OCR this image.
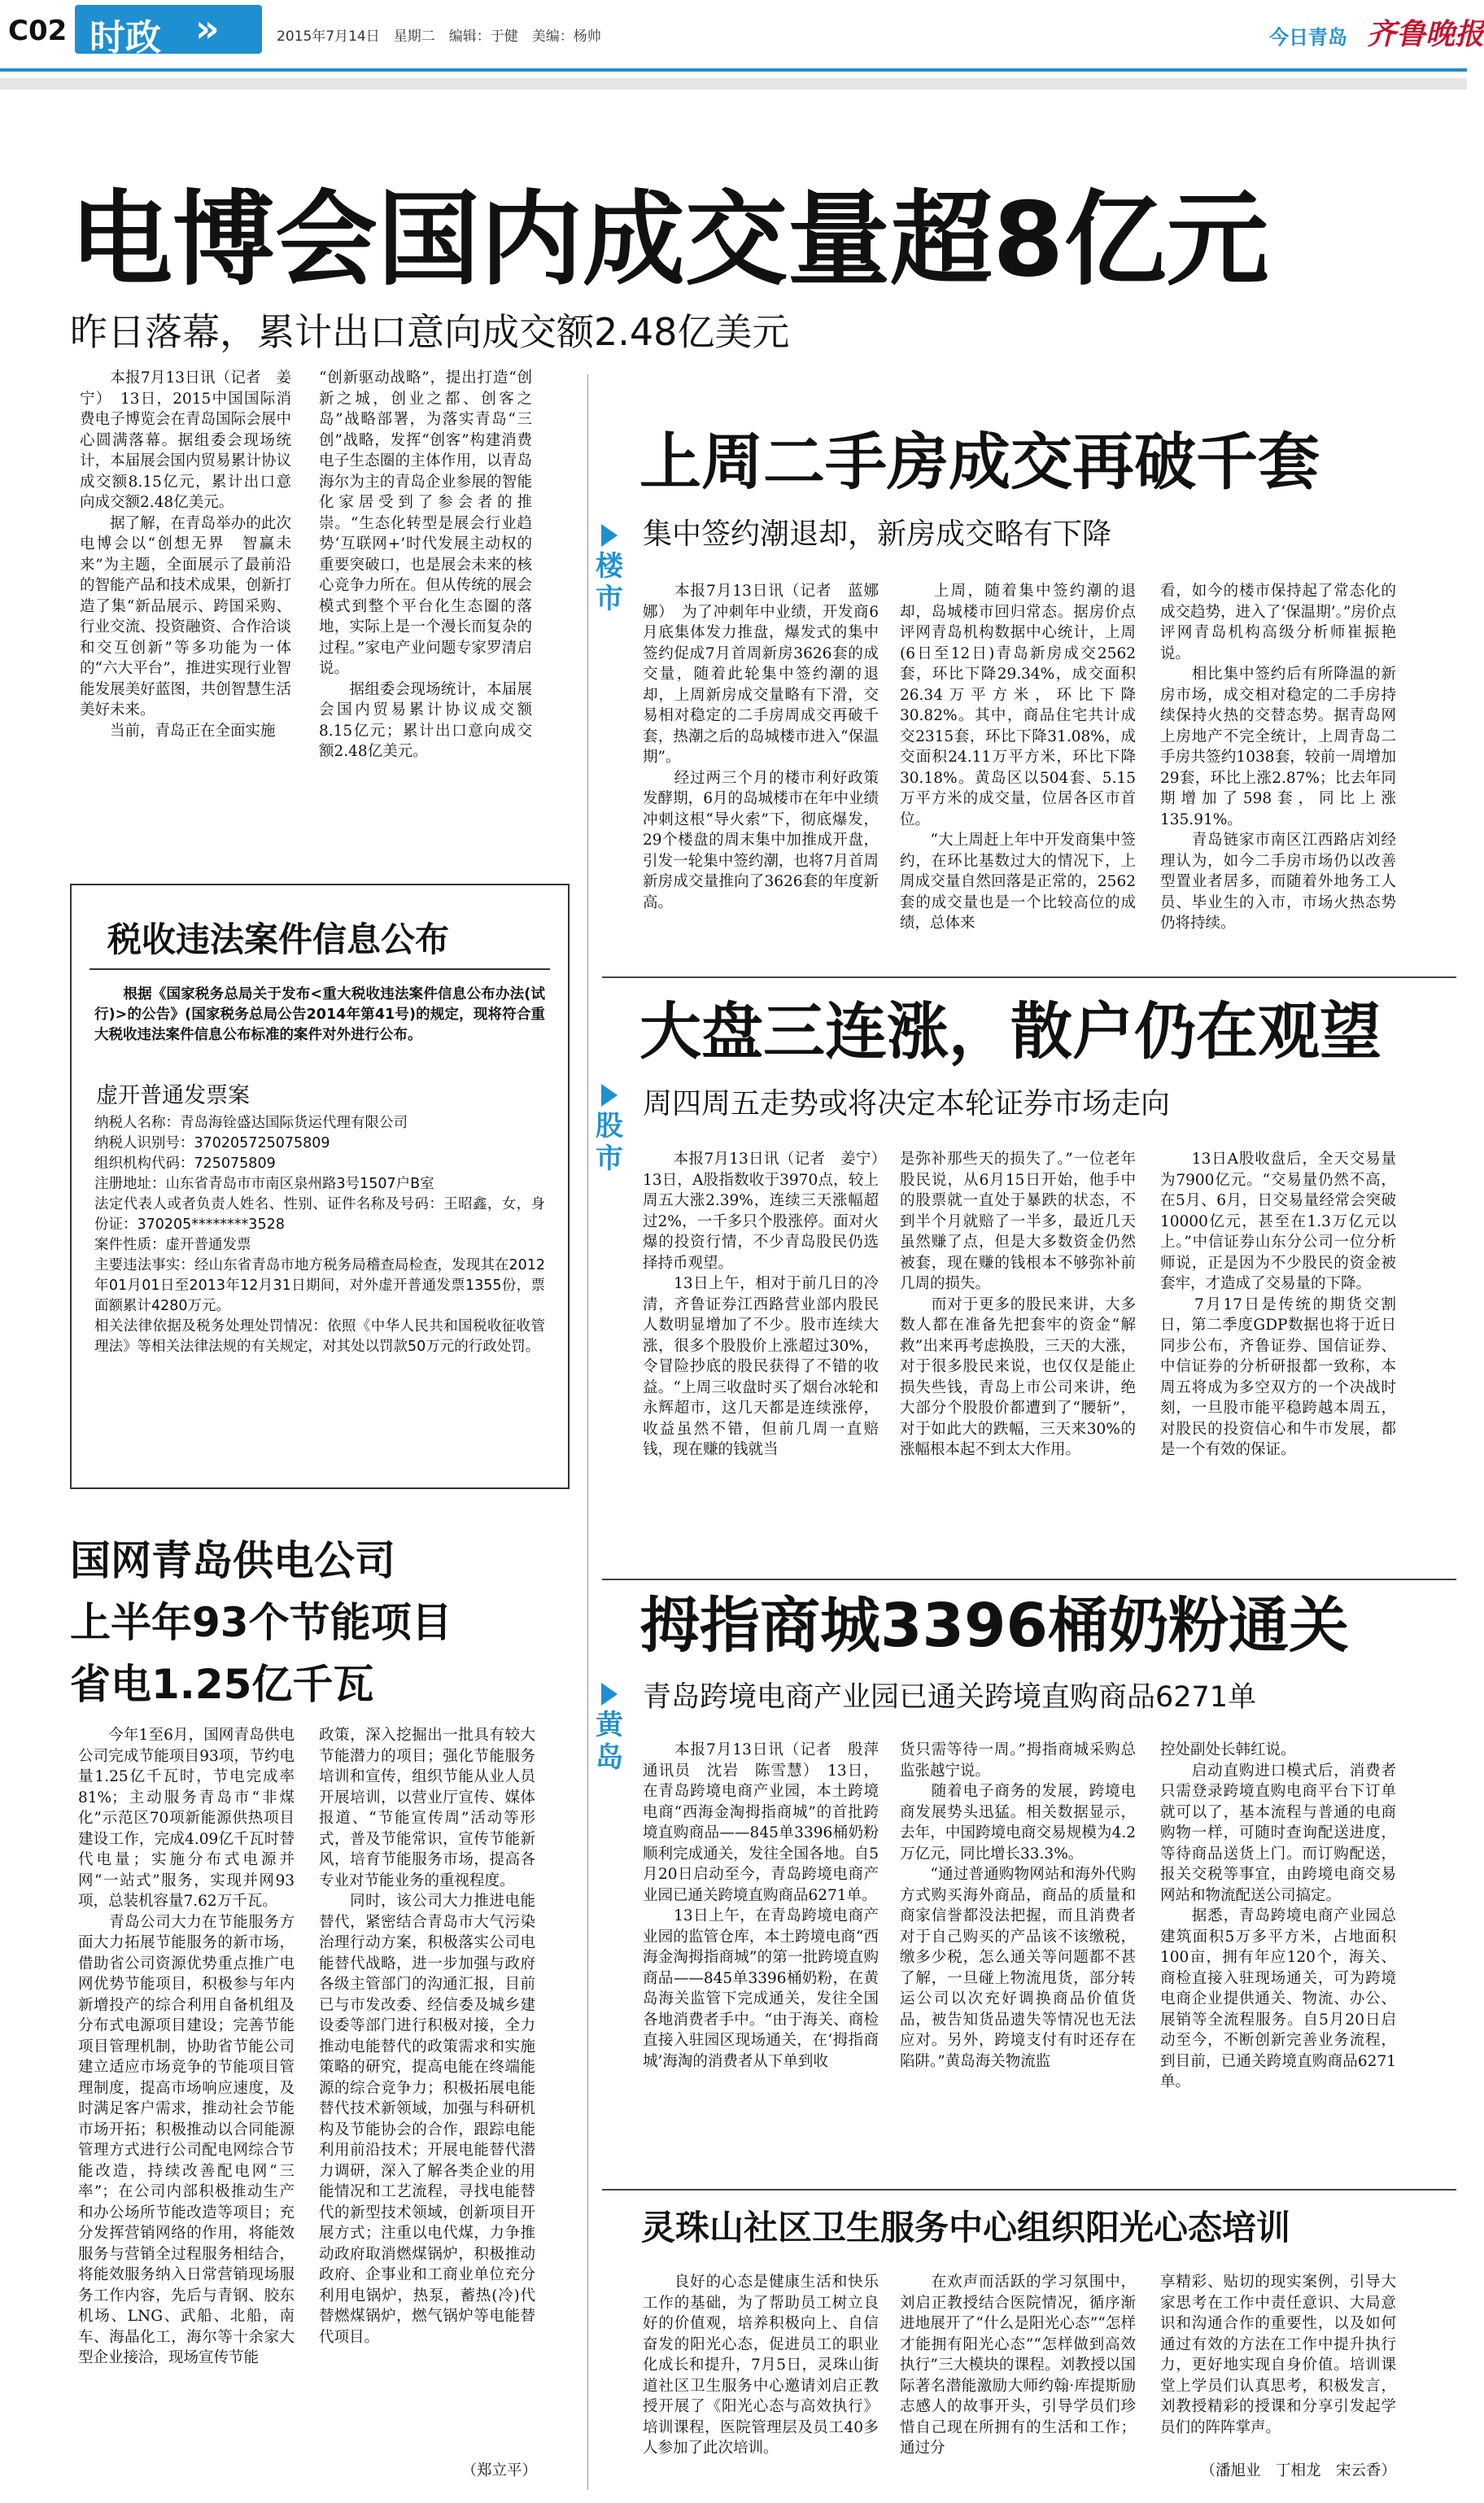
C02 时政 »	2015年7月14日　星期二　编辑：于健　美编：杨帅	今日青岛 齐鲁晚报
电博会国内成交量超8亿元
昨日落幕，累计出口意向成交额2.48亿美元
　　本报7月13日讯（记者　姜宁）　13日，2015中国国际消费电子博览会在青岛国际会展中心圆满落幕。据组委会现场统计，本届展会国内贸易累计协议成交额8.15亿元，累计出口意向成交额2.48亿美元。
　　据了解，在青岛举办的此次电博会以“创想无界　智赢未来”为主题，全面展示了最前沿的智能产品和技术成果，创新打造了集“新品展示、跨国采购、行业交流、投资融资、合作洽谈和交互创新”等多功能为一体的“六大平台”，推进实现行业智能发展美好蓝图，共创智慧生活美好未来。
　　当前，青岛正在全面实施
“创新驱动战略”，提出打造“创新之城，创业之都、创客之岛”战略部署，为落实青岛“三创”战略，发挥“创客”构建消费电子生态圈的主体作用，以青岛海尔为主的青岛企业参展的智能化家居受到了参会者的推崇。“生态化转型是展会行业趋势‘互联网+’时代发展主动权的重要突破口，也是展会未来的核心竞争力所在。但从传统的展会模式到整个平台化生态圈的落地，实际上是一个漫长而复杂的过程。”家电产业问题专家罗清启说。
　　据组委会现场统计，本届展会国内贸易累计协议成交额8.15亿元；累计出口意向成交额2.48亿美元。
税收违法案件信息公布
　　根据《国家税务总局关于发布<重大税收违法案件信息公布办法(试行)>的公告》(国家税务总局公告2014年第41号)的规定，现将符合重大税收违法案件信息公布标准的案件对外进行公布。
虚开普通发票案
纳税人名称：青岛海铨盛达国际货运代理有限公司
纳税人识别号：370205725075809
组织机构代码：725075809
注册地址：山东省青岛市市南区泉州路3号1507户B室
法定代表人或者负责人姓名、性别、证件名称及号码：王昭鑫，女，身份证：370205********3528
案件性质：虚开普通发票
主要违法事实：经山东省青岛市地方税务局稽查局检查，发现其在2012年01月01日至2013年12月31日期间，对外虚开普通发票1355份，票面额累计4280万元。
相关法律依据及税务处理处罚情况：依照《中华人民共和国税收征收管理法》等相关法律法规的有关规定，对其处以罚款50万元的行政处罚。
国网青岛供电公司
上半年93个节能项目
省电1.25亿千瓦
　　今年1至6月，国网青岛供电公司完成节能项目93项，节约电量1.25亿千瓦时，节电完成率81%；主动服务青岛市“非煤化”示范区70项新能源供热项目建设工作，完成4.09亿千瓦时替代电量；实施分布式电源并网“一站式”服务，实现并网93项，总装机容量7.62万千瓦。
　　青岛公司大力在节能服务方面大力拓展节能服务的新市场，借助省公司资源优势重点推广电网优势节能项目，积极参与年内新增投产的综合利用自备机组及分布式电源项目建设；完善节能项目管理机制，协助省节能公司建立适应市场竞争的节能项目管理制度，提高市场响应速度，及时满足客户需求，推动社会节能市场开拓；积极推动以合同能源管理方式进行公司配电网综合节能改造，持续改善配电网“三率”；在公司内部积极推动生产和办公场所节能改造等项目；充分发挥营销网络的作用，将能效服务与营销全过程服务相结合，将能效服务纳入日常营销现场服务工作内容，先后与青钢、胶东机场、LNG、武船、北船，南车、海晶化工，海尔等十余家大型企业接洽，现场宣传节能
政策，深入挖掘出一批具有较大节能潜力的项目；强化节能服务培训和宣传，组织节能从业人员开展培训，以营业厅宣传、媒体报道、“节能宣传周”活动等形式，普及节能常识，宣传节能新风，培育节能服务市场，提高各专业对节能业务的重视程度。
　　同时，该公司大力推进电能替代，紧密结合青岛市大气污染治理行动方案，积极落实公司电能替代战略，进一步加强与政府各级主管部门的沟通汇报，目前已与市发改委、经信委及城乡建设委等部门进行积极对接，全力推动电能替代的政策需求和实施策略的研究，提高电能在终端能源的综合竞争力；积极拓展电能替代技术新领域，加强与科研机构及节能协会的合作，跟踪电能利用前沿技术；开展电能替代潜力调研，深入了解各类企业的用能情况和工艺流程，寻找电能替代的新型技术领域，创新项目开展方式；注重以电代煤，力争推动政府取消燃煤锅炉，积极推动政府、企事业和工商业单位充分利用电锅炉，热泵，蓄热(冷)代替燃煤锅炉，燃气锅炉等电能替代项目。
（郑立平）
楼市
上周二手房成交再破千套
集中签约潮退却，新房成交略有下降
　　本报7月13日讯（记者　蓝娜娜）　为了冲刺年中业绩，开发商6月底集体发力推盘，爆发式的集中签约促成7月首周新房3626套的成交量，随着此轮集中签约潮的退却，上周新房成交量略有下滑，交易相对稳定的二手房周成交再破千套，热潮之后的岛城楼市进入“保温期”。
　　经过两三个月的楼市利好政策发酵期，6月的岛城楼市在年中业绩冲刺这根“导火索”下，彻底爆发，29个楼盘的周末集中加推成开盘，引发一轮集中签约潮，也将7月首周新房成交量推向了3626套的年度新高。
　　上周，随着集中签约潮的退却，岛城楼市回归常态。据房价点评网青岛机构数据中心统计，上周(6日至12日)青岛新房成交2562套，环比下降29.34%，成交面积26.34万平方米，环比下降30.82%。其中，商品住宅共计成交2315套，环比下降31.08%，成交面积24.11万平方米，环比下降30.18%。黄岛区以504套、5.15万平方米的成交量，位居各区市首位。
　　“大上周赶上年中开发商集中签约，在环比基数过大的情况下，上周成交量自然回落是正常的，2562套的成交量也是一个比较高位的成绩，总体来
看，如今的楼市保持起了常态化的成交趋势，进入了‘保温期’。”房价点评网青岛机构高级分析师崔振艳说。
　　相比集中签约后有所降温的新房市场，成交相对稳定的二手房持续保持火热的交替态势。据青岛网上房地产不完全统计，上周青岛二手房共签约1038套，较前一周增加29套，环比上涨2.87%；比去年同期增加了598套，同比上涨135.91%。
　　青岛链家市南区江西路店刘经理认为，如今二手房市场仍以改善型置业者居多，而随着外地务工人员、毕业生的入市，市场火热态势仍将持续。
股市
大盘三连涨，散户仍在观望
周四周五走势或将决定本轮证券市场走向
　　本报7月13日讯（记者　姜宁）　13日，A股指数收于3970点，较上周五大涨2.39%，连续三天涨幅超过2%，一千多只个股涨停。面对火爆的投资行情，不少青岛股民仍选择持币观望。
　　13日上午，相对于前几日的冷清，齐鲁证券江西路营业部内股民人数明显增加了不少。股市连续大涨，很多个股股价上涨超过30%，令冒险抄底的股民获得了不错的收益。“上周三收盘时买了烟台冰轮和永辉超市，这几天都是连续涨停，收益虽然不错，但前几周一直赔钱，现在赚的钱就当
是弥补那些天的损失了。”一位老年股民说，从6月15日开始，他手中的股票就一直处于暴跌的状态，不到半个月就赔了一半多，最近几天虽然赚了点，但是大多数资金仍然被套，现在赚的钱根本不够弥补前几周的损失。
　　而对于更多的股民来讲，大多数人都在准备先把套牢的资金“解救”出来再考虑换股，三天的大涨，对于很多股民来说，也仅仅是能止损失些钱，青岛上市公司来讲，绝大部分个股股价都遭到了“腰斩”，对于如此大的跌幅，三天来30%的涨幅根本起不到太大作用。
　　13日A股收盘后，全天交易量为7900亿元。“交易量仍然不高，在5月、6月，日交易量经常会突破10000亿元，甚至在1.3万亿元以上。”中信证券山东分公司一位分析师说，正是因为不少股民的资金被套牢，才造成了交易量的下降。
　　7月17日是传统的期货交割日，第二季度GDP数据也将于近日同步公布，齐鲁证券、国信证券、中信证券的分析研报都一致称，本周五将成为多空双方的一个决战时刻，一旦股市能平稳跨越本周五，对股民的投资信心和牛市发展，都是一个有效的保证。
黄岛
拇指商城3396桶奶粉通关
青岛跨境电商产业园已通关跨境直购商品6271单
　　本报7月13日讯（记者　殷萍　通讯员　沈岩　陈雪慧）　13日，在青岛跨境电商产业园，本土跨境电商“西海金淘拇指商城”的首批跨境直购商品——845单3396桶奶粉顺利完成通关，发往全国各地。自5月20日启动至今，青岛跨境电商产业园已通关跨境直购商品6271单。
　　13日上午，在青岛跨境电商产业园的监管仓库，本土跨境电商“西海金淘拇指商城”的第一批跨境直购商品——845单3396桶奶粉，在黄岛海关监管下完成通关，发往全国各地消费者手中。“由于海关、商检直接入驻园区现场通关，在‘拇指商城’海淘的消费者从下单到收
货只需等待一周。”拇指商城采购总监张越宁说。
　　随着电子商务的发展，跨境电商发展势头迅猛。相关数据显示，去年，中国跨境电商交易规模为4.2万亿元，同比增长33.3%。
　　“通过普通购物网站和海外代购方式购买海外商品，商品的质量和商家信誉都没法把握，而且消费者对于自己购买的产品该不该缴税，缴多少税，怎么通关等问题都不甚了解，一旦碰上物流甩货，部分转运公司以次充好调换商品价值货品，被告知货品遗失等情况也无法应对。另外，跨境支付有时还存在陷阱。”黄岛海关物流监
控处副处长韩红说。
　　启动直购进口模式后，消费者只需登录跨境直购电商平台下订单就可以了，基本流程与普通的电商购物一样，可随时查询配送进度，等待商品送货上门。而订购配送，报关交税等事宜，由跨境电商交易网站和物流配送公司搞定。
　　据悉，青岛跨境电商产业园总建筑面积5万多平方米，占地面积100亩，拥有年应120个，海关、商检直接入驻现场通关，可为跨境电商企业提供通关、物流、办公、展销等全流程服务。自5月20日启动至今，不断创新完善业务流程，到目前，已通关跨境直购商品6271单。
灵珠山社区卫生服务中心组织阳光心态培训
　　良好的心态是健康生活和快乐工作的基础，为了帮助员工树立良好的价值观，培养积极向上、自信奋发的阳光心态，促进员工的职业化成长和提升，7月5日，灵珠山街道社区卫生服务中心邀请刘启正教授开展了《阳光心态与高效执行》培训课程，医院管理层及员工40多人参加了此次培训。
　　在欢声而活跃的学习氛围中，刘启正教授结合医院情况，循序渐进地展开了“什么是阳光心态”“怎样才能拥有阳光心态”“怎样做到高效执行”三大模块的课程。刘教授以国际著名潜能激励大师约翰·库提斯励志感人的故事开头，引导学员们珍惜自己现在所拥有的生活和工作；通过分
享精彩、贴切的现实案例，引导大家思考在工作中责任意识、大局意识和沟通合作的重要性，以及如何通过有效的方法在工作中提升执行力，更好地实现自身价值。培训课堂上学员们认真思考，积极发言，刘教授精彩的授课和分享引发起学员们的阵阵掌声。
（潘旭业　丁相龙　宋云香）
